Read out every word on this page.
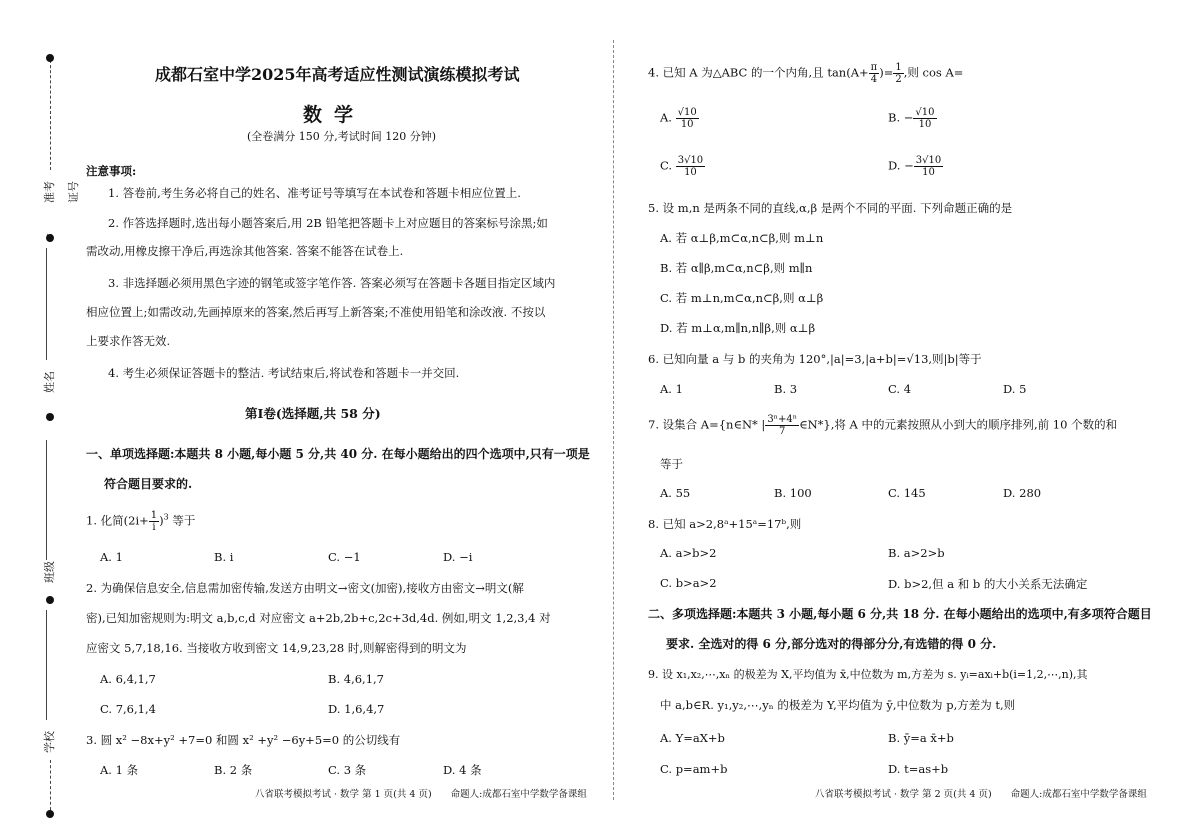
准考证号
姓名
班级
学校
成都石室中学2025年高考适应性测试演练模拟考试
数学
(全卷满分 150 分,考试时间 120 分钟)
注意事项:
1. 答卷前,考生务必将自己的姓名、准考证号等填写在本试卷和答题卡相应位置上.
2. 作答选择题时,选出每小题答案后,用 2B 铅笔把答题卡上对应题目的答案标号涂黑;如
需改动,用橡皮擦干净后,再选涂其他答案. 答案不能答在试卷上.
3. 非选择题必须用黑色字迹的钢笔或签字笔作答. 答案必须写在答题卡各题目指定区域内
相应位置上;如需改动,先画掉原来的答案,然后再写上新答案;不准使用铅笔和涂改液. 不按以
上要求作答无效.
4. 考生必须保证答题卡的整洁. 考试结束后,将试卷和答题卡一并交回.
第Ⅰ卷(选择题,共 58 分)
一、单项选择题:本题共 8 小题,每小题 5 分,共 40 分. 在每小题给出的四个选项中,只有一项是
符合题目要求的.
1. 化简$(2i+ \frac{1}{i} )^3$ 等于
A. 1	B. i	C. −1	D. −i
2. 为确保信息安全,信息需加密传输,发送方由明文→密文(加密),接收方由密文→明文(解
密),已知加密规则为:明文 a,b,c,d 对应密文 a+2b,2b+c,2c+3d,4d. 例如,明文 1,2,3,4 对
应密文 5,7,18,16. 当接收方收到密文 14,9,23,28 时,则解密得到的明文为
A. 6,4,1,7	B. 4,6,1,7
C. 7,6,1,4	D. 1,6,4,7
3. 圆 x² −8x+y² +7=0 和圆 x² +y² −6y+5=0 的公切线有
A. 1 条	B. 2 条	C. 3 条	D. 4 条
八省联考模拟考试 · 数学 第 1 页(共 4 页)　　命题人:成都石室中学数学备课组
4. 已知 A 为△ABC 的一个内角,且 $\tan(A+ \frac{\pi}{4}$ )= $\frac{1}{2}$ ,则 cos A=
A. $\frac{√10}{10}$	B. − $\frac{√10}{10}$
C. $\frac{3√10}{10}$	D. − $\frac{3√10}{10}$
5. 设 m,n 是两条不同的直线,α,β 是两个不同的平面. 下列命题正确的是
A. 若 α⊥β,m⊂α,n⊂β,则 m⊥n
B. 若 α∥β,m⊂α,n⊂β,则 m∥n
C. 若 m⊥n,m⊂α,n⊂β,则 α⊥β
D. 若 m⊥α,m∥n,n∥β,则 α⊥β
6. 已知向量 a 与 b 的夹角为 120°,|a|=3,|a+b|=√13,则|b|等于
A. 1	B. 3	C. 4	D. 5
7. 设集合 A={n∈N* | $\frac{\text{3ⁿ+4ⁿ}}{7}$ ∈N*},将 A 中的元素按照从小到大的顺序排列,前 10 个数的和
等于
A. 55	B. 100	C. 145	D. 280
8. 已知 a>2,8ᵃ+15ᵃ=17ᵇ,则
A. a>b>2	B. a>2>b
C. b>a>2	D. b>2,但 a 和 b 的大小关系无法确定
二、多项选择题:本题共 3 小题,每小题 6 分,共 18 分. 在每小题给出的选项中,有多项符合题目
要求. 全选对的得 6 分,部分选对的得部分分,有选错的得 0 分.
9. 设 x₁,x₂,⋯,xₙ 的极差为 X,平均值为 x̄,中位数为 m,方差为 s. yᵢ=axᵢ+b(i=1,2,⋯,n),其
中 a,b∈R. y₁,y₂,⋯,yₙ 的极差为 Y,平均值为 ȳ,中位数为 p,方差为 t,则
A. Y=aX+b	B. ȳ=a x̄+b
C. p=am+b	D. t=as+b
八省联考模拟考试 · 数学 第 2 页(共 4 页)　　命题人:成都石室中学数学备课组
